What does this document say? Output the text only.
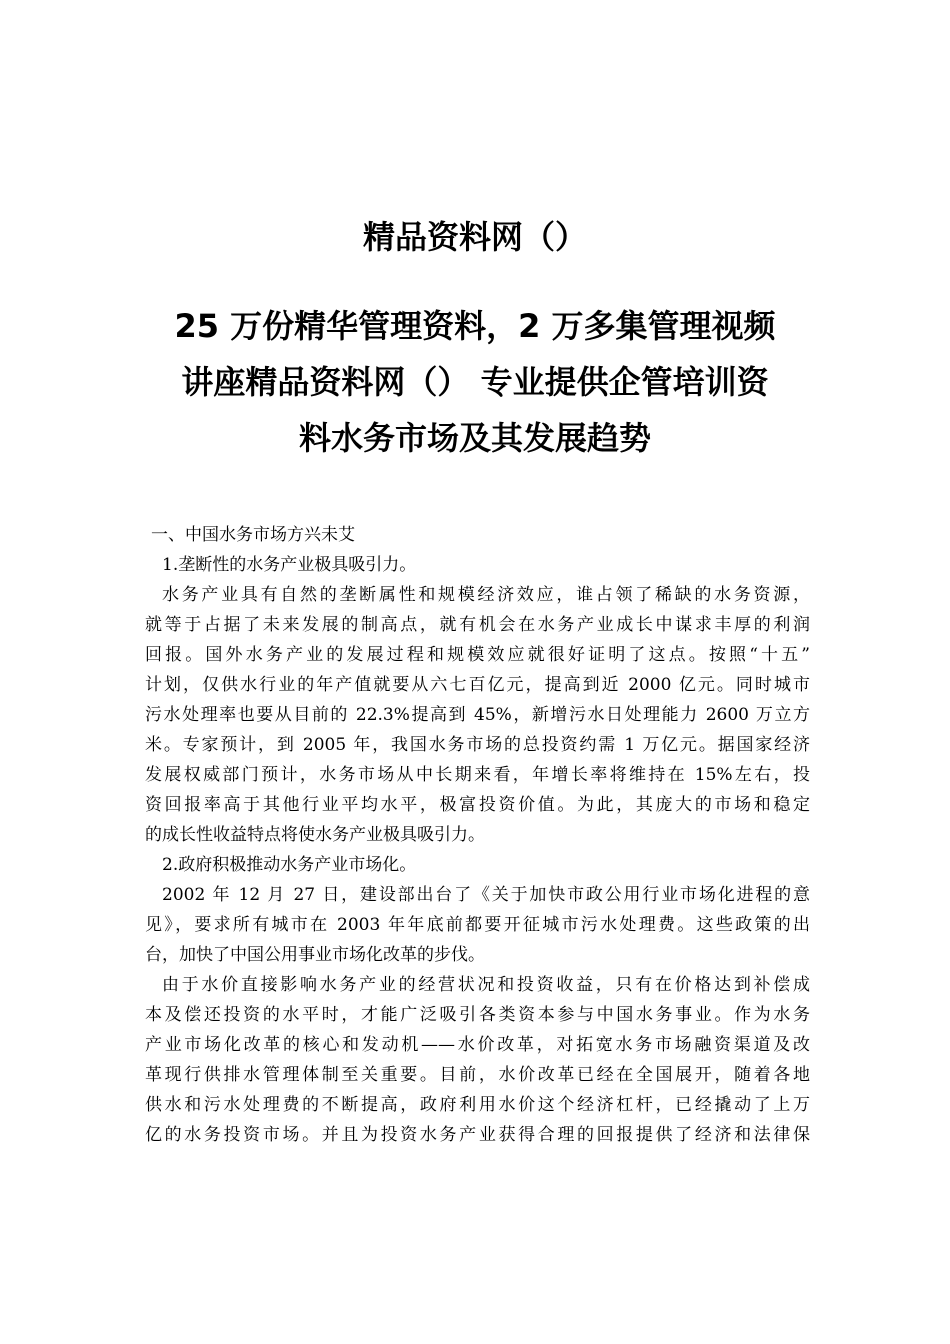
精品资料网（）
25 万份精华管理资料，2 万多集管理视频
讲座精品资料网（） 专业提供企管培训资
料水务市场及其发展趋势
一、中国水务市场方兴未艾
1.垄断性的水务产业极具吸引力。
水务产业具有自然的垄断属性和规模经济效应，谁占领了稀缺的水务资源，
就等于占据了未来发展的制高点，就有机会在水务产业成长中谋求丰厚的利润
回报。国外水务产业的发展过程和规模效应就很好证明了这点。按照“十五”
计划，仅供水行业的年产值就要从六七百亿元，提高到近 2000 亿元。同时城市
污水处理率也要从目前的 22.3%提高到 45%，新增污水日处理能力 2600 万立方
米。专家预计，到 2005 年，我国水务市场的总投资约需 1 万亿元。据国家经济
发展权威部门预计，水务市场从中长期来看，年增长率将维持在 15%左右，投
资回报率高于其他行业平均水平，极富投资价值。为此，其庞大的市场和稳定
的成长性收益特点将使水务产业极具吸引力。
2.政府积极推动水务产业市场化。
2002 年 12 月 27 日，建设部出台了《关于加快市政公用行业市场化进程的意
见》，要求所有城市在 2003 年年底前都要开征城市污水处理费。这些政策的出
台，加快了中国公用事业市场化改革的步伐。
由于水价直接影响水务产业的经营状况和投资收益，只有在价格达到补偿成
本及偿还投资的水平时，才能广泛吸引各类资本参与中国水务事业。作为水务
产业市场化改革的核心和发动机——水价改革，对拓宽水务市场融资渠道及改
革现行供排水管理体制至关重要。目前，水价改革已经在全国展开，随着各地
供水和污水处理费的不断提高，政府利用水价这个经济杠杆，已经撬动了上万
亿的水务投资市场。并且为投资水务产业获得合理的回报提供了经济和法律保
